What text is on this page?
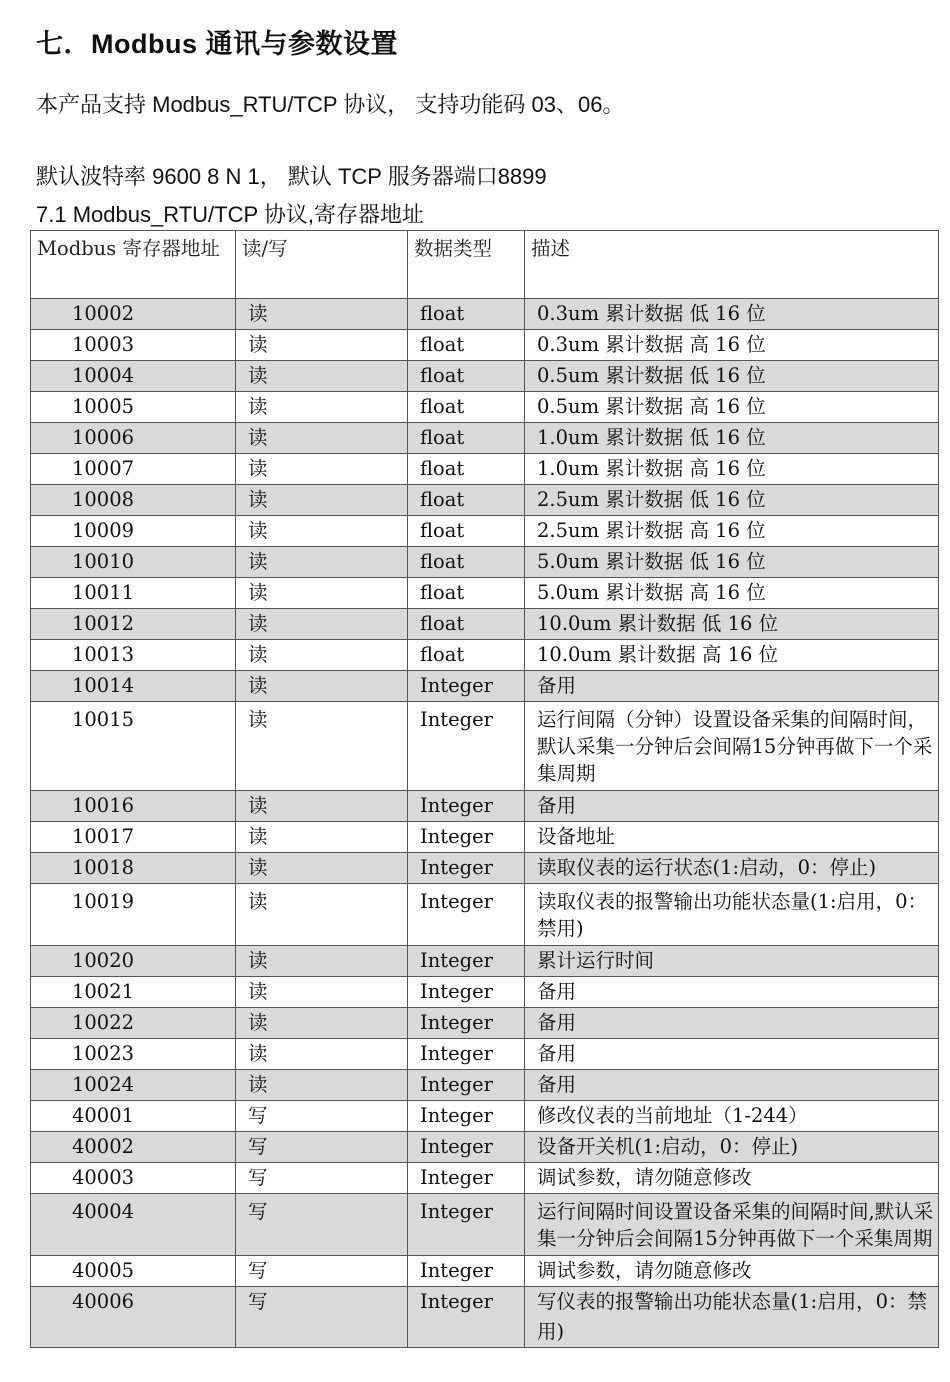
七．Modbus 通讯与参数设置
本产品支持 Modbus_RTU/TCP 协议， 支持功能码 03、06。
默认波特率 9600 8 N 1， 默认 TCP 服务器端口8899
7.1 Modbus_RTU/TCP 协议,寄存器地址
Modbus 寄存器地址	读/写	数据类型	描述
10002	读	float	0.3um 累计数据 低 16 位
10003	读	float	0.3um 累计数据 高 16 位
10004	读	float	0.5um 累计数据 低 16 位
10005	读	float	0.5um 累计数据 高 16 位
10006	读	float	1.0um 累计数据 低 16 位
10007	读	float	1.0um 累计数据 高 16 位
10008	读	float	2.5um 累计数据 低 16 位
10009	读	float	2.5um 累计数据 高 16 位
10010	读	float	5.0um 累计数据 低 16 位
10011	读	float	5.0um 累计数据 高 16 位
10012	读	float	10.0um 累计数据 低 16 位
10013	读	float	10.0um 累计数据 高 16 位
10014	读	Integer	备用
10015	读	Integer	运行间隔（分钟）设置设备采集的间隔时间，默认采集一分钟后会间隔15分钟再做下一个采集周期
10016	读	Integer	备用
10017	读	Integer	设备地址
10018	读	Integer	读取仪表的运行状态(1:启动，0：停止)
10019	读	Integer	读取仪表的报警输出功能状态量(1:启用，0：禁用)
10020	读	Integer	累计运行时间
10021	读	Integer	备用
10022	读	Integer	备用
10023	读	Integer	备用
10024	读	Integer	备用
40001	写	Integer	修改仪表的当前地址（1-244）
40002	写	Integer	设备开关机(1:启动，0：停止)
40003	写	Integer	调试参数，请勿随意修改
40004	写	Integer	运行间隔时间设置设备采集的间隔时间,默认采集一分钟后会间隔15分钟再做下一个采集周期
40005	写	Integer	调试参数，请勿随意修改
40006	写	Integer	写仪表的报警输出功能状态量(1:启用，0：禁用)
